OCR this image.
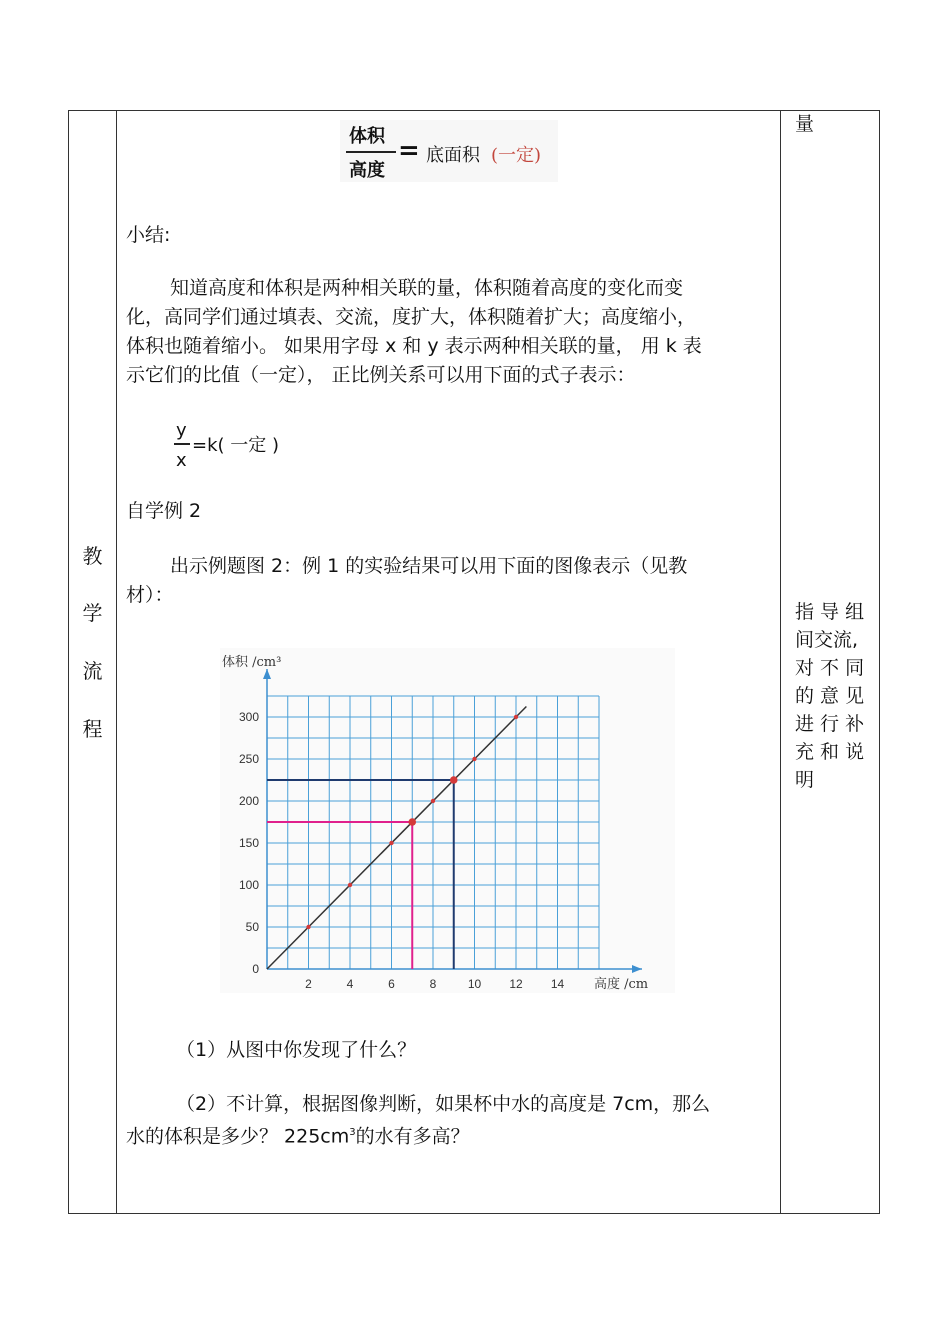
教
学
流
程
量
指 导 组
间交流,
对 不 同
的 意 见
进 行 补
充 和 说
明
体积
高度
= 底面积 (一定)
小结:
知道高度和体积是两种相关联的量，体积随着高度的变化而变
化，高同学们通过填表、交流，度扩大，体积随着扩大；高度缩小，
体积也随着缩小。 如果用字母 x 和 y 表示两种相关联的量， 用 k 表
示它们的比值（一定）， 正比例关系可以用下面的式子表示：
y
x
=k( 一定 )
自学例 2
出示例题图 2：例 1 的实验结果可以用下面的图像表示（见教
材）：
2	4	6	8	10 12 14
0
50
100
150
200
250
300
体积 /cm³
高度 /cm
（1）从图中你发现了什么？
（2）不计算，根据图像判断，如果杯中水的高度是 7cm，那么
水的体积是多少？ $225cm^3$的水有多高？
